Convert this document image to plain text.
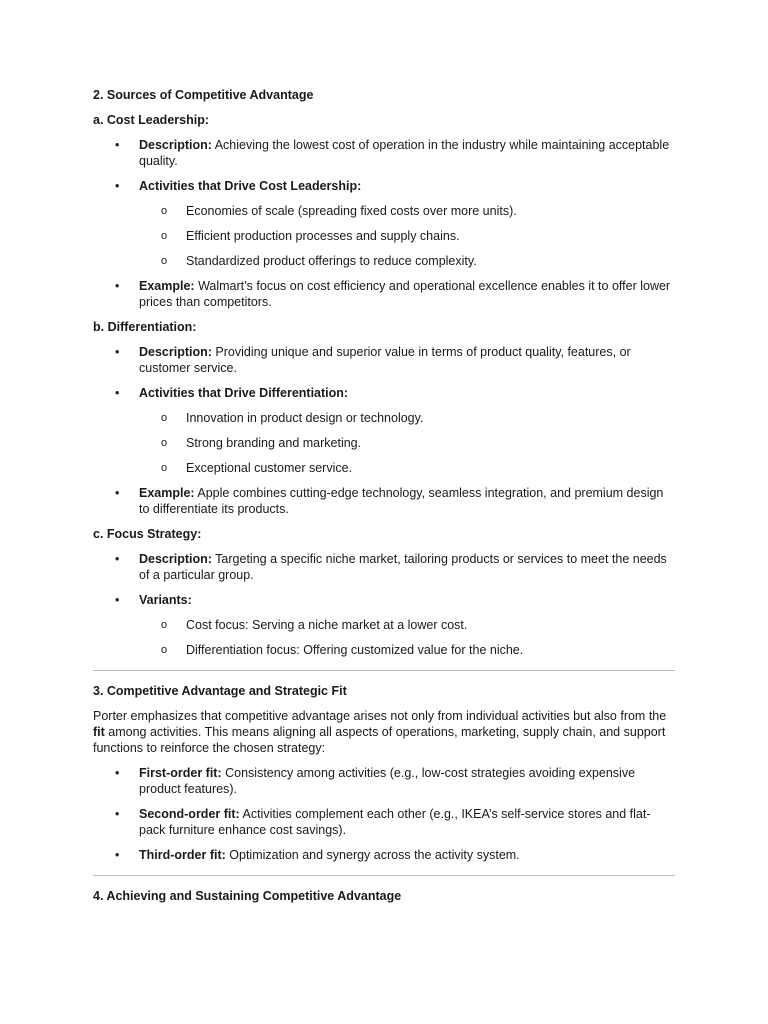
2. Sources of Competitive Advantage
a. Cost Leadership:
• Description: Achieving the lowest cost of operation in the industry while maintaining acceptable quality.
• Activities that Drive Cost Leadership:
o Economies of scale (spreading fixed costs over more units).
o Efficient production processes and supply chains.
o Standardized product offerings to reduce complexity.
• Example: Walmart’s focus on cost efficiency and operational excellence enables it to offer lower prices than competitors.
b. Differentiation:
• Description: Providing unique and superior value in terms of product quality, features, or customer service.
• Activities that Drive Differentiation:
o Innovation in product design or technology.
o Strong branding and marketing.
o Exceptional customer service.
• Example: Apple combines cutting-edge technology, seamless integration, and premium design to differentiate its products.
c. Focus Strategy:
• Description: Targeting a specific niche market, tailoring products or services to meet the needs of a particular group.
• Variants:
o Cost focus: Serving a niche market at a lower cost.
o Differentiation focus: Offering customized value for the niche.
3. Competitive Advantage and Strategic Fit

Porter emphasizes that competitive advantage arises not only from individual activities but also from the fit among activities. This means aligning all aspects of operations, marketing, supply chain, and support functions to reinforce the chosen strategy:

• First-order fit: Consistency among activities (e.g., low-cost strategies avoiding expensive product features).
• Second-order fit: Activities complement each other (e.g., IKEA’s self-service stores and flat-pack furniture enhance cost savings).
• Third-order fit: Optimization and synergy across the activity system.
4. Achieving and Sustaining Competitive Advantage
